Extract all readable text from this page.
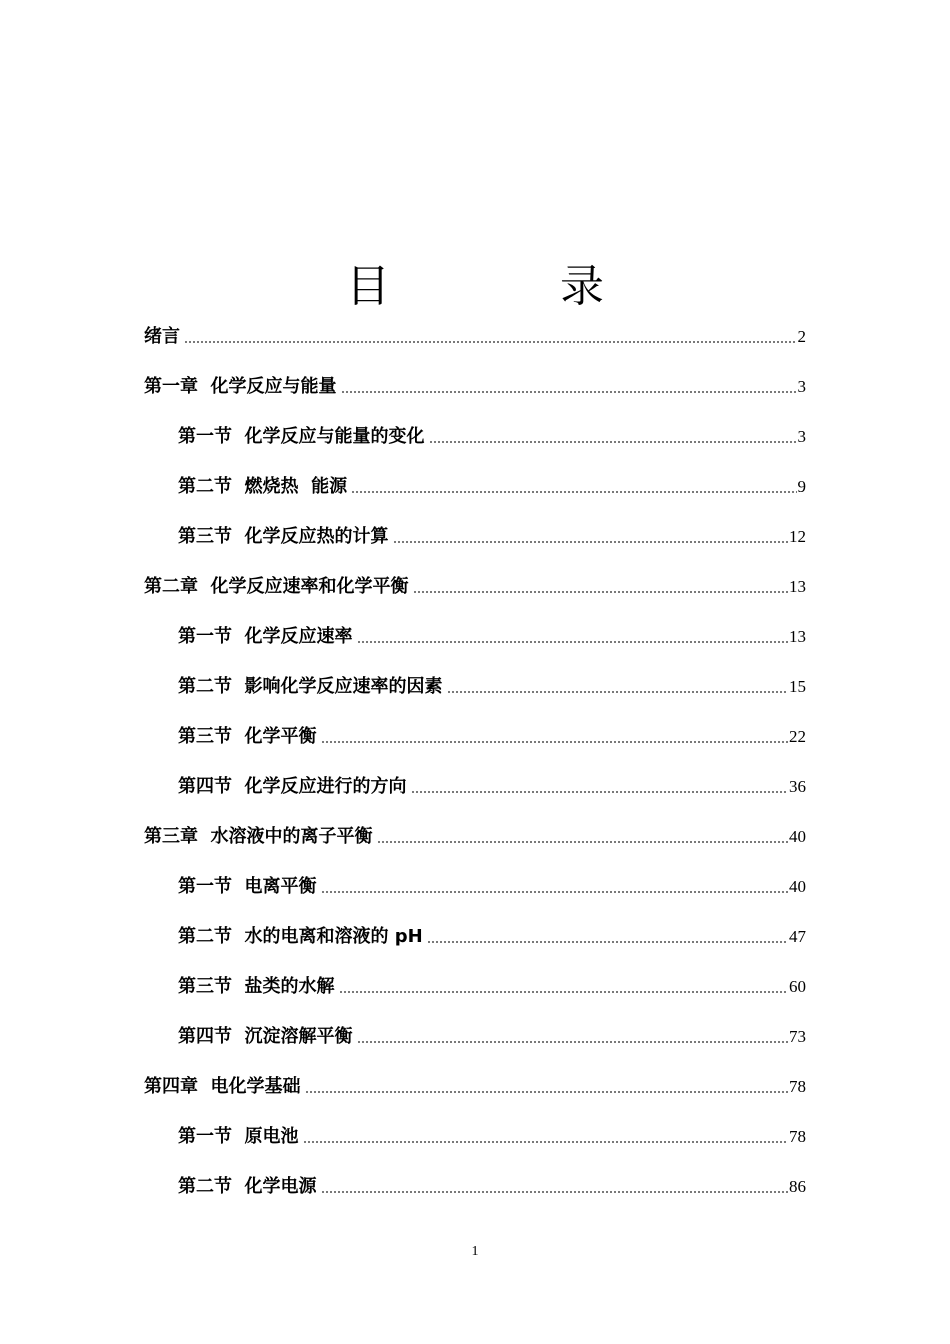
目 录
绪言	2
第一章  化学反应与能量	3
第一节  化学反应与能量的变化	3
第二节  燃烧热  能源	9
第三节  化学反应热的计算	12
第二章  化学反应速率和化学平衡	13
第一节  化学反应速率	13
第二节  影响化学反应速率的因素	15
第三节  化学平衡	22
第四节  化学反应进行的方向	36
第三章  水溶液中的离子平衡	40
第一节  电离平衡	40
第二节  水的电离和溶液的 pH	47
第三节  盐类的水解	60
第四节  沉淀溶解平衡	73
第四章  电化学基础	78
第一节  原电池	78
第二节  化学电源	86
1
